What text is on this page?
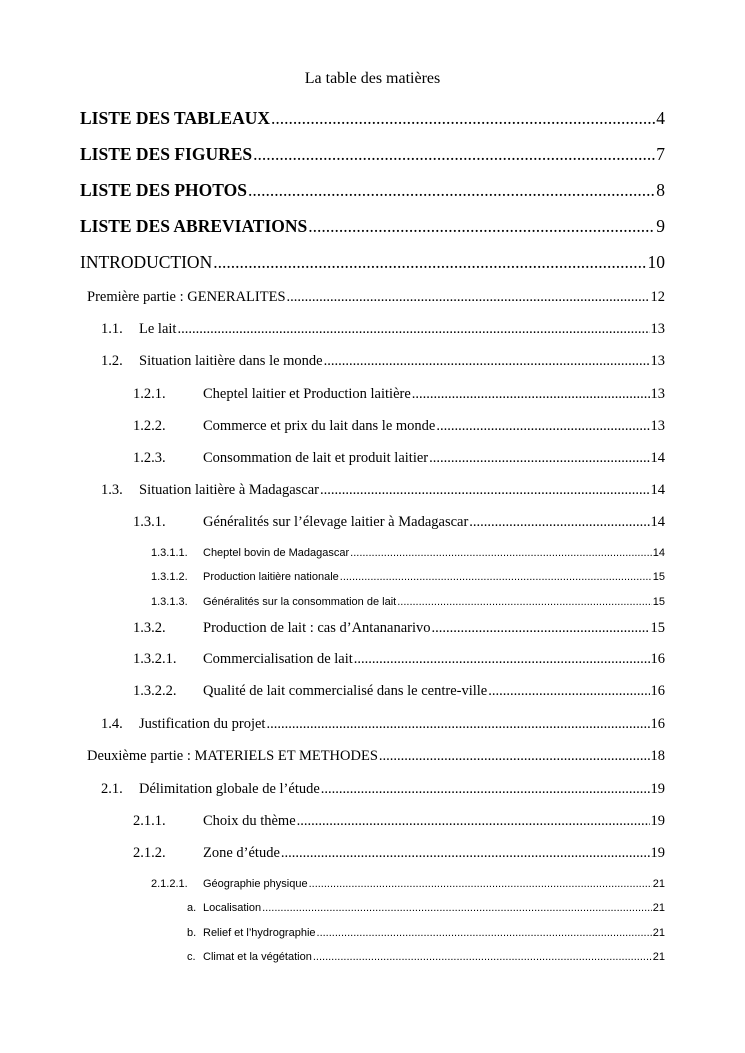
La table des matières
LISTE DES TABLEAUX .....	4
LISTE DES FIGURES .....	7
LISTE DES PHOTOS .....	8
LISTE DES ABREVIATIONS .....	9
INTRODUCTION .....	10
Première partie : GENERALITES .....	12
1.1.	Le lait .....	13
1.2.	Situation laitière dans le monde .....	13
1.2.1.	Cheptel laitier et Production laitière .....	13
1.2.2.	Commerce et prix du lait dans le monde .....	13
1.2.3.	Consommation de lait et produit laitier .....	14
1.3.	Situation laitière à Madagascar .....	14
1.3.1.	Généralités sur l’élevage laitier à Madagascar .....	14
1.3.1.1.	Cheptel bovin de Madagascar .....	14
1.3.1.2.	Production laitière nationale .....	15
1.3.1.3.	Généralités sur la consommation de lait .....	15
1.3.2.	Production de lait : cas d’Antananarivo .....	15
1.3.2.1.	Commercialisation de lait .....	16
1.3.2.2.	Qualité de lait commercialisé dans le centre-ville .....	16
1.4.	Justification du projet .....	16
Deuxième partie : MATERIELS ET METHODES .....	18
2.1.	Délimitation globale de l’étude .....	19
2.1.1.	Choix du thème .....	19
2.1.2.	Zone d’étude .....	19
2.1.2.1.	Géographie physique .....	21
a. Localisation .....	21
b. Relief et l’hydrographie .....	21
c. Climat et la végétation .....	21
